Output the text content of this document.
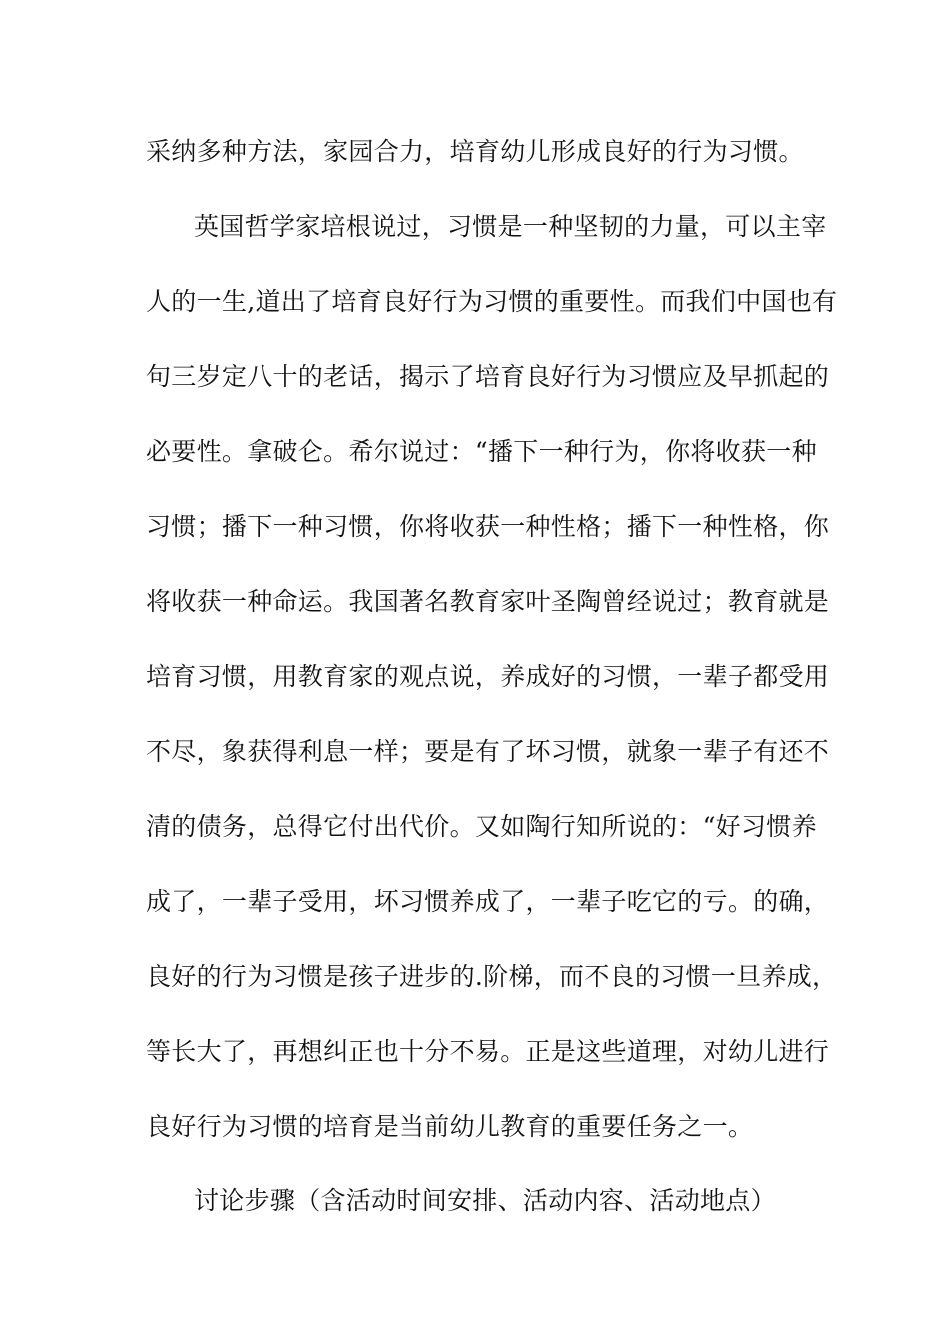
采纳多种方法，家园合力，培育幼儿形成良好的行为习惯。
英国哲学家培根说过，习惯是一种坚韧的力量，可以主宰
人的一生,道出了培育良好行为习惯的重要性。而我们中国也有
句三岁定八十的老话，揭示了培育良好行为习惯应及早抓起的
必要性。拿破仑。希尔说过：“播下一种行为，你将收获一种
习惯；播下一种习惯，你将收获一种性格；播下一种性格，你
将收获一种命运。我国著名教育家叶圣陶曾经说过；教育就是
培育习惯，用教育家的观点说，养成好的习惯，一辈子都受用
不尽，象获得利息一样；要是有了坏习惯，就象一辈子有还不
清的债务，总得它付出代价。又如陶行知所说的：“好习惯养
成了，一辈子受用，坏习惯养成了，一辈子吃它的亏。的确，
良好的行为习惯是孩子进步的.阶梯，而不良的习惯一旦养成，
等长大了，再想纠正也十分不易。正是这些道理，对幼儿进行
良好行为习惯的培育是当前幼儿教育的重要任务之一。
讨论步骤（含活动时间安排、活动内容、活动地点）
